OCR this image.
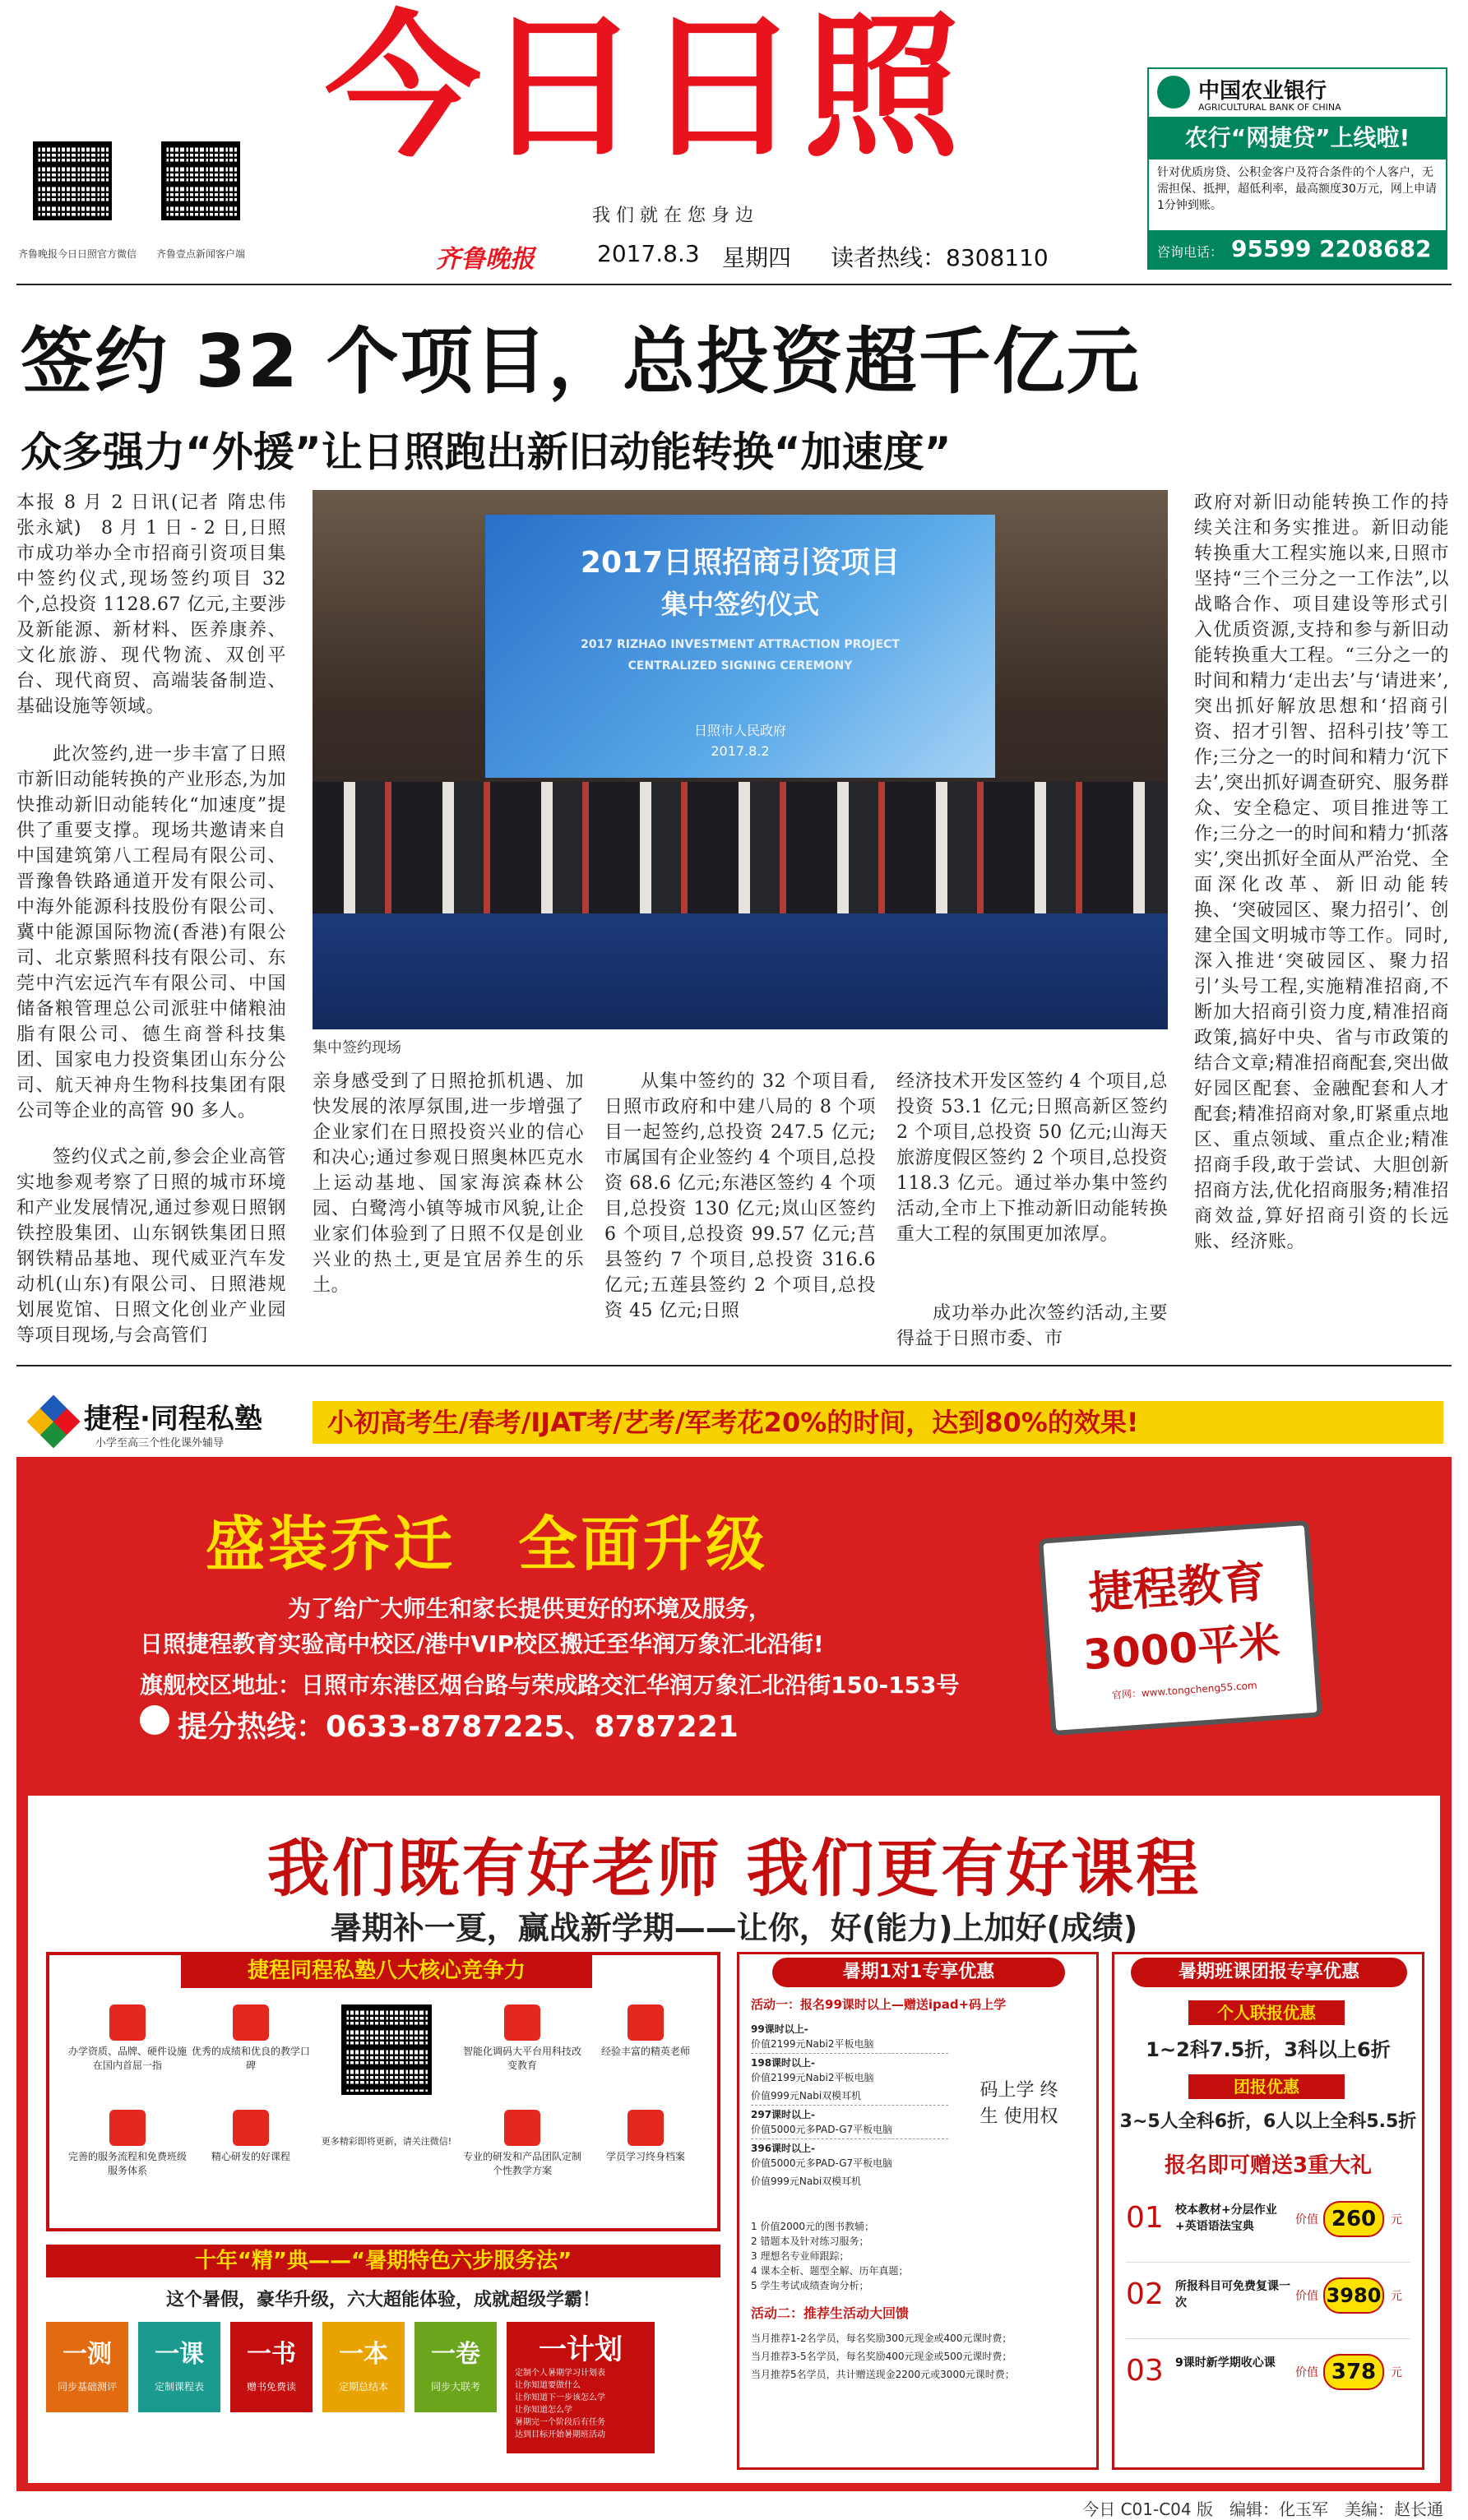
齐鲁晚报今日日照官方微信	齐鲁壹点新闻客户端
今日日照
我 们 就 在 您 身 边
齐鲁晚报	2017.8.3 星期四 读者热线：8308110
中国农业银行
AGRICULTURAL BANK OF CHINA
农行“网捷贷”上线啦!
针对优质房贷、公积金客户及符合条件的个人客户，无需担保、抵押，超低利率，最高额度30万元，网上申请1分钟到账。
咨询电话： 95599 2208682
签约 32 个项目，总投资超千亿元
众多强力“外援”让日照跑出新旧动能转换“加速度”
本报 8 月 2 日讯(记者 隋忠伟　张永斌)　8 月 1 日 - 2 日,日照市成功举办全市招商引资项目集中签约仪式,现场签约项目 32 个,总投资 1128.67 亿元,主要涉及新能源、新材料、医养康养、文化旅游、现代物流、双创平台、现代商贸、高端装备制造、基础设施等领域。
此次签约,进一步丰富了日照市新旧动能转换的产业形态,为加快推动新旧动能转化“加速度”提供了重要支撑。现场共邀请来自中国建筑第八工程局有限公司、晋豫鲁铁路通道开发有限公司、中海外能源科技股份有限公司、冀中能源国际物流(香港)有限公司、北京紫照科技有限公司、东莞中汽宏远汽车有限公司、中国储备粮管理总公司派驻中储粮油脂有限公司、德生商誉科技集团、国家电力投资集团山东分公司、航天神舟生物科技集团有限公司等企业的高管 90 多人。
签约仪式之前,参会企业高管实地参观考察了日照的城市环境和产业发展情况,通过参观日照钢铁控股集团、山东钢铁集团日照钢铁精品基地、现代威亚汽车发动机(山东)有限公司、日照港规划展览馆、日照文化创业产业园等项目现场,与会高管们
2017日照招商引资项目
集中签约仪式
2017 RIZHAO INVESTMENT ATTRACTION PROJECT
CENTRALIZED SIGNING CEREMONY
日照市人民政府
2017.8.2
集中签约现场
亲身感受到了日照抢抓机遇、加快发展的浓厚氛围,进一步增强了企业家们在日照投资兴业的信心和决心;通过参观日照奥林匹克水上运动基地、国家海滨森林公园、白鹭湾小镇等城市风貌,让企业家们体验到了日照不仅是创业兴业的热土,更是宜居养生的乐土。
从集中签约的 32 个项目看,日照市政府和中建八局的 8 个项目一起签约,总投资 247.5 亿元;市属国有企业签约 4 个项目,总投资 68.6 亿元;东港区签约 4 个项目,总投资 130 亿元;岚山区签约 6 个项目,总投资 99.57 亿元;莒县签约 7 个项目,总投资 316.6 亿元;五莲县签约 2 个项目,总投资 45 亿元;日照
经济技术开发区签约 4 个项目,总投资 53.1 亿元;日照高新区签约 2 个项目,总投资 50 亿元;山海天旅游度假区签约 2 个项目,总投资 118.3 亿元。通过举办集中签约活动,全市上下推动新旧动能转换重大工程的氛围更加浓厚。
成功举办此次签约活动,主要得益于日照市委、市
政府对新旧动能转换工作的持续关注和务实推进。新旧动能转换重大工程实施以来,日照市坚持“三个三分之一工作法”,以战略合作、项目建设等形式引入优质资源,支持和参与新旧动能转换重大工程。“三分之一的时间和精力‘走出去’与‘请进来’,突出抓好解放思想和‘招商引资、招才引智、招科引技’等工作;三分之一的时间和精力‘沉下去’,突出抓好调查研究、服务群众、安全稳定、项目推进等工作;三分之一的时间和精力‘抓落实’,突出抓好全面从严治党、全面深化改革、新旧动能转换、‘突破园区、聚力招引’、创建全国文明城市等工作。同时,深入推进‘突破园区、聚力招引’头号工程,实施精准招商,不断加大招商引资力度,精准招商政策,搞好中央、省与市政策的结合文章;精准招商配套,突出做好园区配套、金融配套和人才配套;精准招商对象,盯紧重点地区、重点领域、重点企业;精准招商手段,敢于尝试、大胆创新招商方法,优化招商服务;精准招商效益,算好招商引资的长远账、经济账。
捷程·同程私塾
小学至高三个性化课外辅导
小初高考生/春考/IJAT考/艺考/军考花20%的时间，达到80%的效果!
盛装乔迁　全面升级
为了给广大师生和家长提供更好的环境及服务，
日照捷程教育实验高中校区/港中VIP校区搬迁至华润万象汇北沿街!
旗舰校区地址：日照市东港区烟台路与荣成路交汇华润万象汇北沿街150-153号
提分热线：0633-8787225、8787221
捷程教育
3000平米
官网：www.tongcheng55.com
我们既有好老师 我们更有好课程
暑期补一夏，赢战新学期——让你，好(能力)上加好(成绩)
捷程同程私塾八大核心竞争力
办学资质、品牌、硬件设施在国内首屈一指
优秀的成绩和优良的教学口碑
智能化调码大平台用科技改变教育
经验丰富的精英老师
完善的服务流程和免费班级服务体系
精心研发的好课程
更多精彩即将更新，请关注微信!
专业的研发和产品团队定制个性教学方案
学员学习终身档案
十年“精”典——“暑期特色六步服务法”
这个暑假，豪华升级，六大超能体验，成就超级学霸！
一测
同步基础测评
一课
定制课程表
一书
赠书免费读
一本
定期总结本
一卷
同步大联考
一计划
定制个人暑期学习计划表
让你知道要做什么
让你知道下一步该怎么学
让你知道怎么学
暑期完一个阶段后有任务
达到目标开始暑期班活动
暑期1对1专享优惠
活动一：报名99课时以上—赠送ipad+码上学
99课时以上-
价值2199元Nabi2平板电脑
198课时以上-
价值2199元Nabi2平板电脑
价值999元Nabi双模耳机
297课时以上-
价值5000元多PAD-G7平板电脑
396课时以上-
价值5000元多PAD-G7平板电脑
价值999元Nabi双模耳机
码上学 终生 使用权
1 价值2000元的图书教辅；
2 错题本及针对练习服务；
3 理想名专业师跟踪；
4 课本全析、题型全解、历年真题；
5 学生考试成绩查询分析；
活动二：推荐生活动大回馈
当月推荐1-2名学员，每名奖励300元现金或400元课时费；
当月推荐3-5名学员，每名奖励400元现金或500元课时费；
当月推荐5名学员，共计赠送现金2200元或3000元课时费；
暑期班课团报专享优惠
个人联报优惠
1~2科7.5折，3科以上6折
团报优惠
3~5人全科6折，6人以上全科5.5折
报名即可赠送3重大礼
01 校本教材+分层作业+英语语法宝典	价值 260	元
02 所报科目可免费复课一次	价值 3980 元
03 9课时新学期收心课
价值 378	元
今日 C01-C04 版　编辑：化玉军　美编：赵长通
